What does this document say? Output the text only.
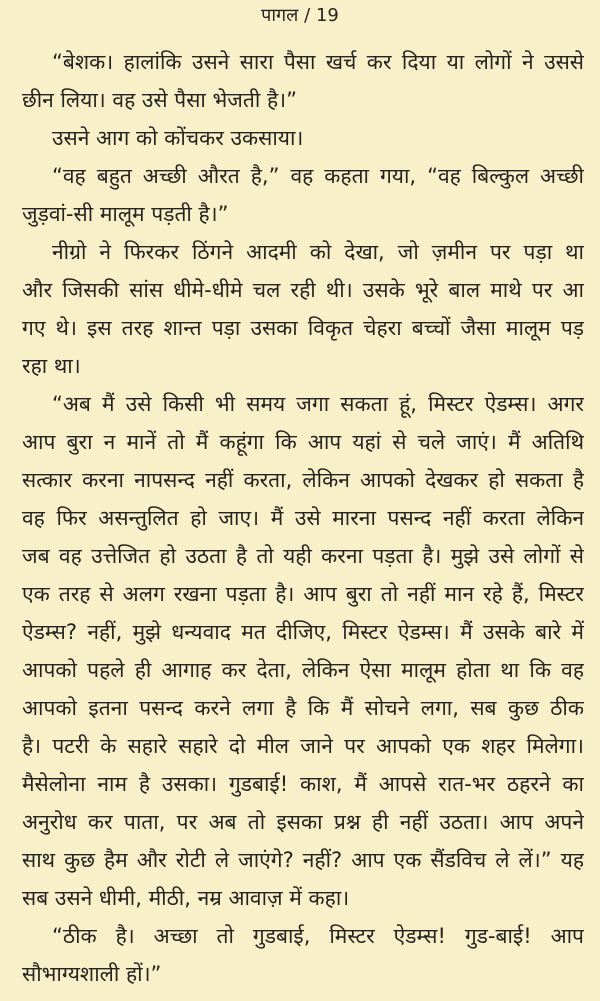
पागल / 19
“बेशक। हालांकि उसने सारा पैसा खर्च कर दिया या लोगों ने उससे
छीन लिया। वह उसे पैसा भेजती है।”
उसने आग को कोंचकर उकसाया।
“वह बहुत अच्छी औरत है,” वह कहता गया, “वह बिल्कुल अच्छी
जुड़वां-सी मालूम पड़ती है।”
नीग्रो ने फिरकर ठिंगने आदमी को देखा, जो ज़मीन पर पड़ा था
और जिसकी सांस धीमे-धीमे चल रही थी। उसके भूरे बाल माथे पर आ
गए थे। इस तरह शान्त पड़ा उसका विकृत चेहरा बच्चों जैसा मालूम पड़
रहा था।
“अब मैं उसे किसी भी समय जगा सकता हूं, मिस्टर ऐडम्स। अगर
आप बुरा न मानें तो मैं कहूंगा कि आप यहां से चले जाएं। मैं अतिथि
सत्कार करना नापसन्द नहीं करता, लेकिन आपको देखकर हो सकता है
वह फिर असन्तुलित हो जाए। मैं उसे मारना पसन्द नहीं करता लेकिन
जब वह उत्तेजित हो उठता है तो यही करना पड़ता है। मुझे उसे लोगों से
एक तरह से अलग रखना पड़ता है। आप बुरा तो नहीं मान रहे हैं, मिस्टर
ऐडम्स? नहीं, मुझे धन्यवाद मत दीजिए, मिस्टर ऐडम्स। मैं उसके बारे में
आपको पहले ही आगाह कर देता, लेकिन ऐसा मालूम होता था कि वह
आपको इतना पसन्द करने लगा है कि मैं सोचने लगा, सब कुछ ठीक
है। पटरी के सहारे सहारे दो मील जाने पर आपको एक शहर मिलेगा।
मैसेलोना नाम है उसका। गुडबाई! काश, मैं आपसे रात-भर ठहरने का
अनुरोध कर पाता, पर अब तो इसका प्रश्न ही नहीं उठता। आप अपने
साथ कुछ हैम और रोटी ले जाएंगे? नहीं? आप एक सैंडविच ले लें।” यह
सब उसने धीमी, मीठी, नम्र आवाज़ में कहा।
“ठीक है। अच्छा तो गुडबाई, मिस्टर ऐडम्स! गुड-बाई! आप
सौभाग्यशाली हों।”
